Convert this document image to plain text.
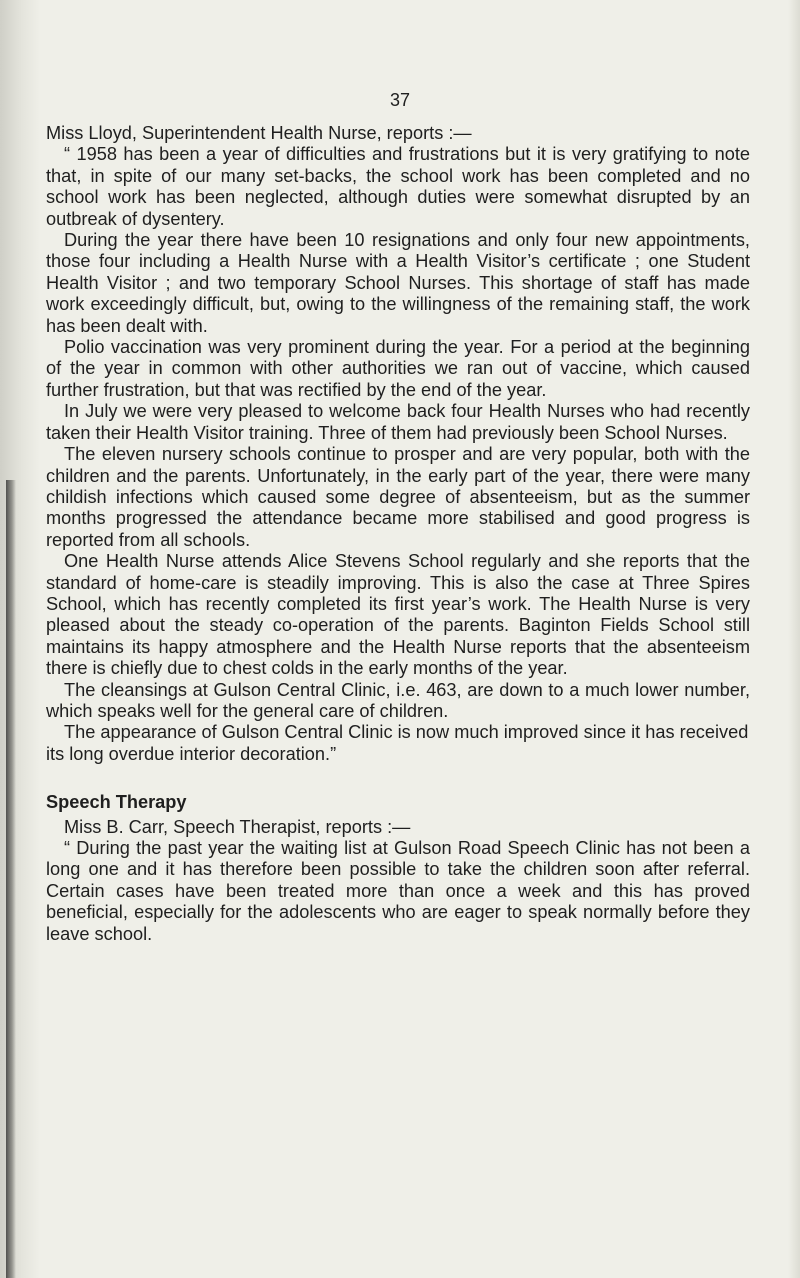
37

Miss Lloyd, Superintendent Health Nurse, reports :—

“ 1958 has been a year of difficulties and frustrations but it is very gratifying to note that, in spite of our many set-backs, the school work has been completed and no school work has been neglected, although duties were somewhat disrupted by an outbreak of dysentery.

During the year there have been 10 resignations and only four new appointments, those four including a Health Nurse with a Health Visitor’s certificate ; one Student Health Visitor ; and two temporary School Nurses. This shortage of staff has made work exceedingly difficult, but, owing to the willingness of the remaining staff, the work has been dealt with.

Polio vaccination was very prominent during the year. For a period at the beginning of the year in common with other authorities we ran out of vaccine, which caused further frustration, but that was rectified by the end of the year.

In July we were very pleased to welcome back four Health Nurses who had recently taken their Health Visitor training. Three of them had previously been School Nurses.

The eleven nursery schools continue to prosper and are very popular, both with the children and the parents. Unfortunately, in the early part of the year, there were many childish infections which caused some degree of absenteeism, but as the summer months progressed the attendance became more stabilised and good progress is reported from all schools.

One Health Nurse attends Alice Stevens School regularly and she reports that the standard of home-care is steadily improving. This is also the case at Three Spires School, which has recently completed its first year’s work. The Health Nurse is very pleased about the steady co-operation of the parents. Baginton Fields School still maintains its happy atmosphere and the Health Nurse reports that the absenteeism there is chiefly due to chest colds in the early months of the year.

The cleansings at Gulson Central Clinic, i.e. 463, are down to a much lower number, which speaks well for the general care of children.

The appearance of Gulson Central Clinic is now much improved since it has received its long overdue interior decoration.”

Speech Therapy

Miss B. Carr, Speech Therapist, reports :—

“ During the past year the waiting list at Gulson Road Speech Clinic has not been a long one and it has therefore been possible to take the children soon after referral. Certain cases have been treated more than once a week and this has proved beneficial, especially for the adolescents who are eager to speak normally before they leave school.
